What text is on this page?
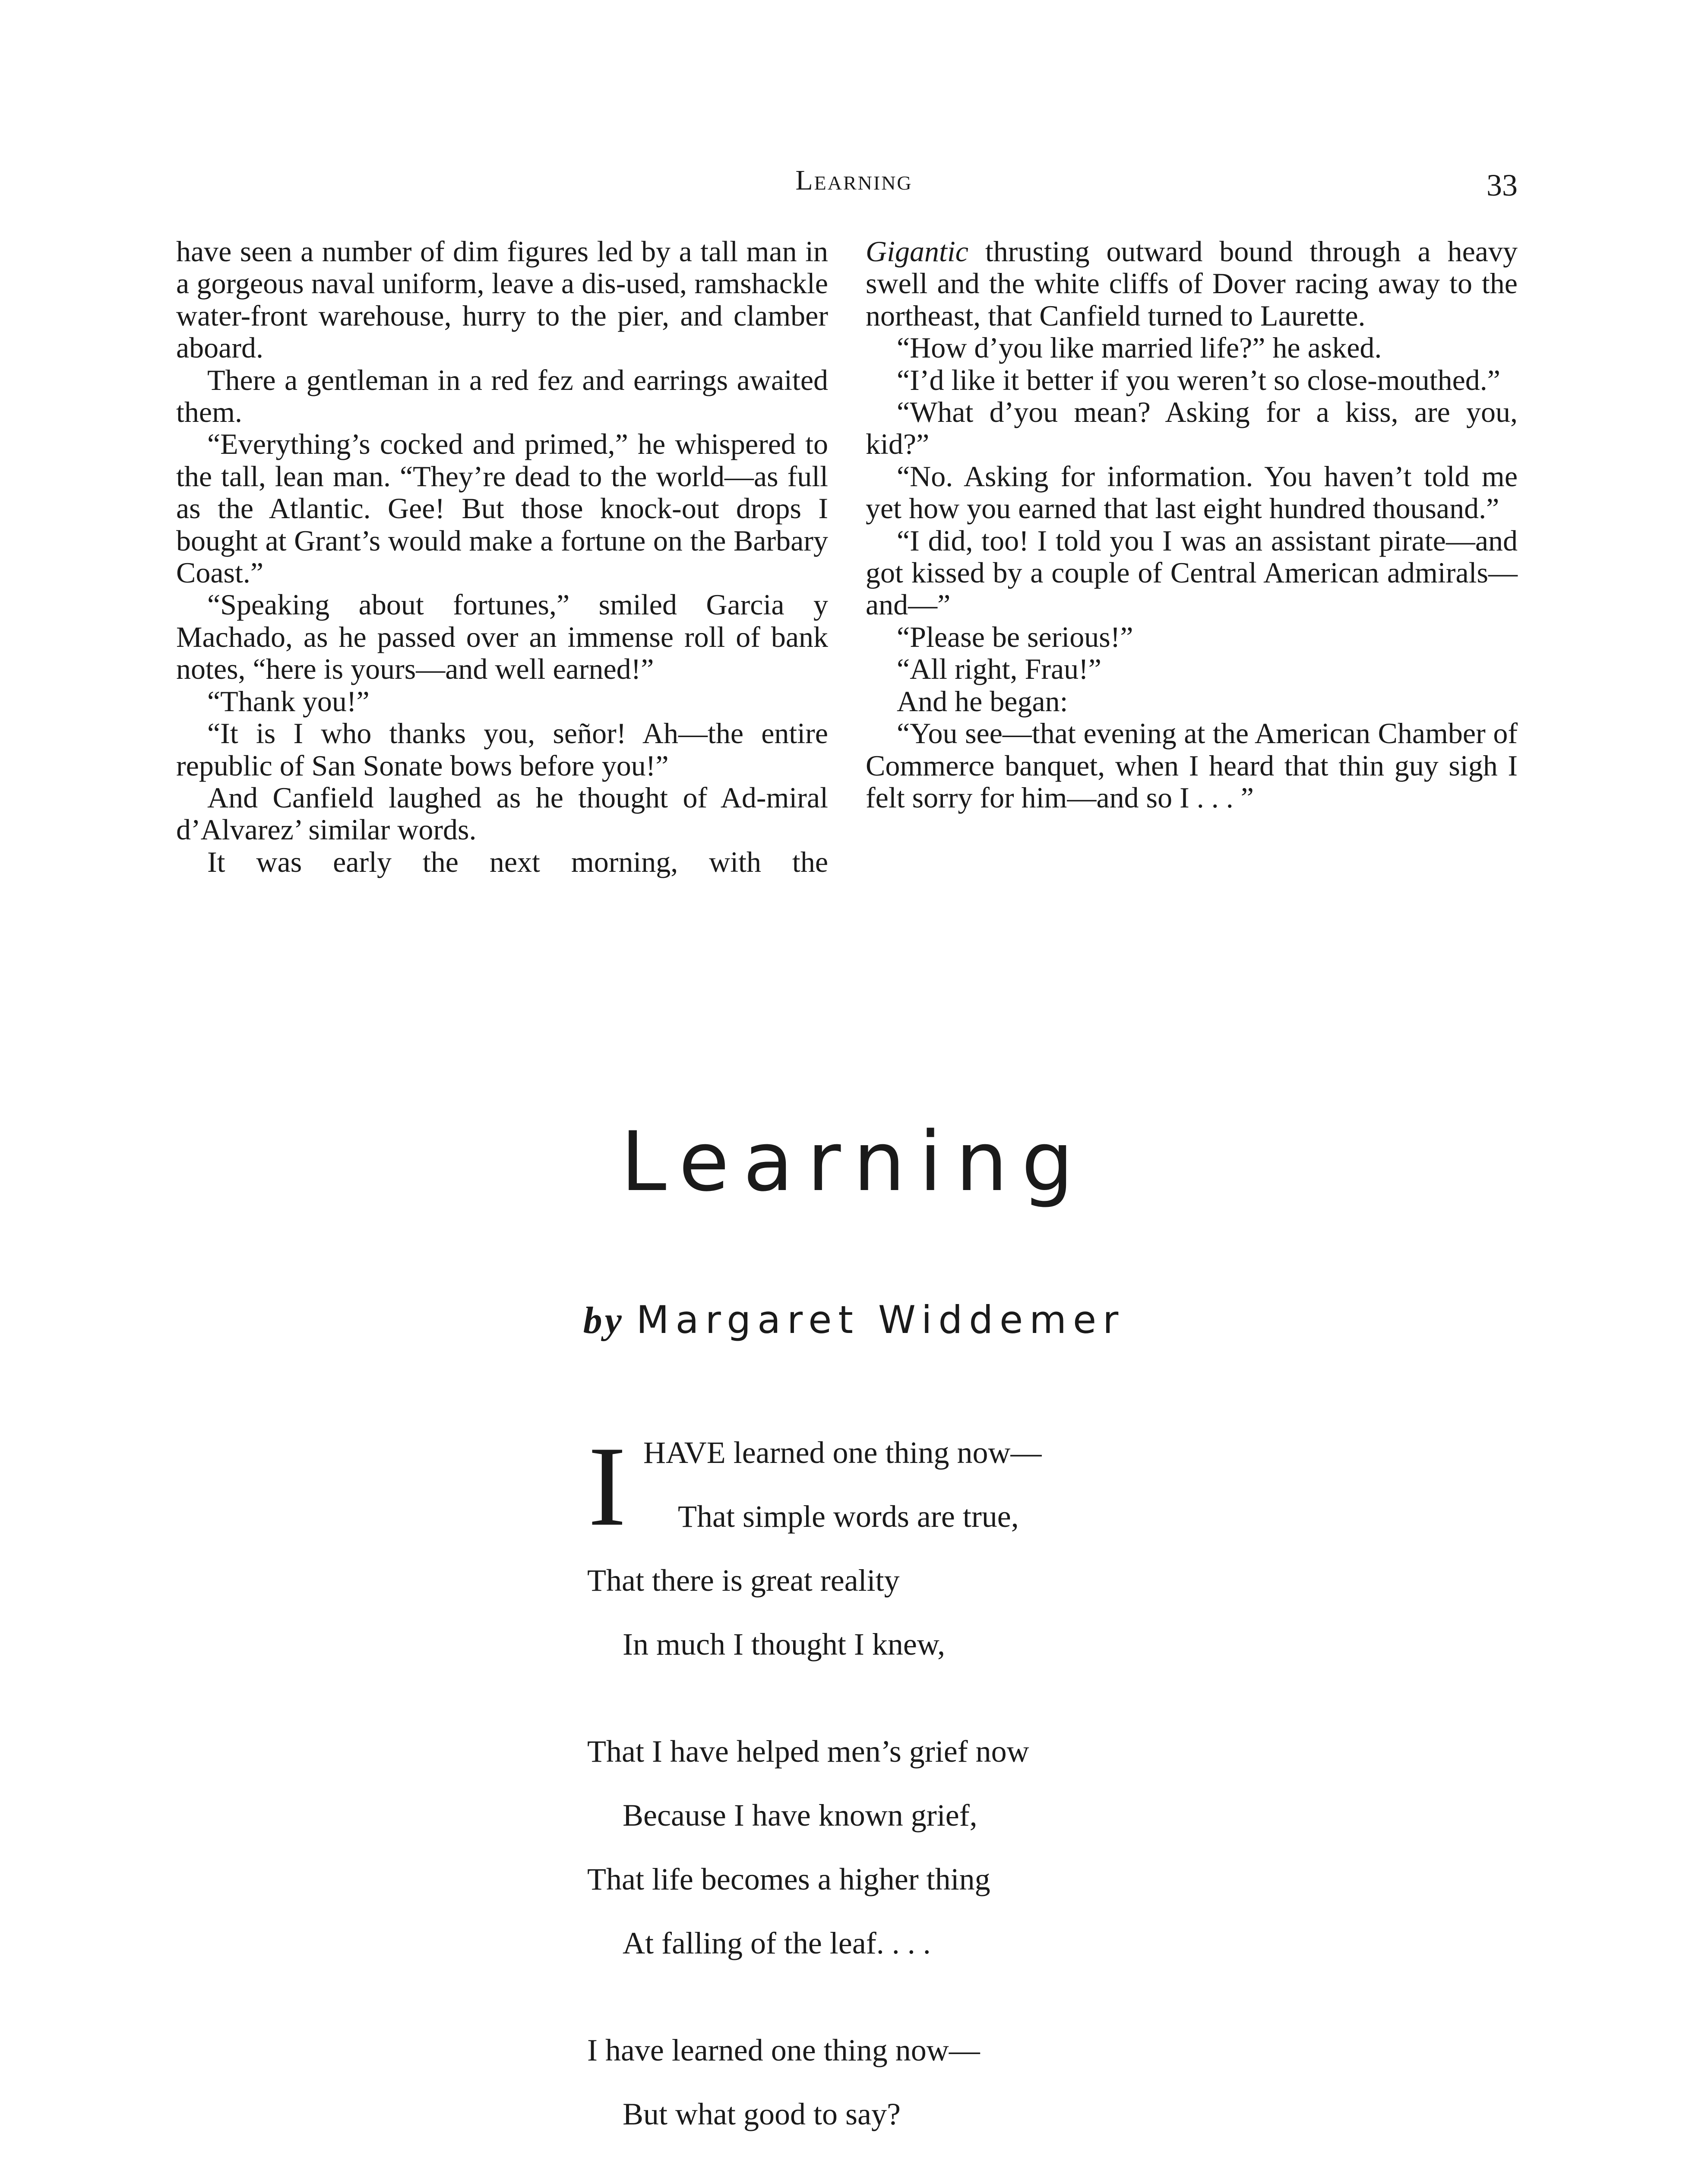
Learning	33

have seen a number of dim figures led by a tall man in a gorgeous naval uniform, leave a dis-used, ramshackle water-front warehouse, hurry to the pier, and clamber aboard.

There a gentleman in a red fez and earrings awaited them.

“Everything’s cocked and primed,” he whispered to the tall, lean man. “They’re dead to the world—as full as the Atlantic. Gee! But those knock-out drops I bought at Grant’s would make a fortune on the Barbary Coast.”

“Speaking about fortunes,” smiled Garcia y Machado, as he passed over an immense roll of bank notes, “here is yours—and well earned!”

“Thank you!”

“It is I who thanks you, señor! Ah—the entire republic of San Sonate bows before you!”

And Canfield laughed as he thought of Ad-miral d’Alvarez’ similar words.

It was early the next morning, with the

Gigantic thrusting outward bound through a heavy swell and the white cliffs of Dover racing away to the northeast, that Canfield turned to Laurette.

“How d’you like married life?” he asked.

“I’d like it better if you weren’t so close-mouthed.”

“What d’you mean? Asking for a kiss, are you, kid?”

“No. Asking for information. You haven’t told me yet how you earned that last eight hundred thousand.”

“I did, too! I told you I was an assistant pirate—and got kissed by a couple of Central American admirals—and—”

“Please be serious!”

“All right, Frau!”

And he began:

“You see—that evening at the American Chamber of Commerce banquet, when I heard that thin guy sigh I felt sorry for him—and so I . . . ”

Learning
by Margaret Widdemer
I HAVE learned one thing now—
That simple words are true,
That there is great reality
In much I thought I knew,
That I have helped men’s grief now
Because I have known grief,
That life becomes a higher thing
At falling of the leaf. . . .
I have learned one thing now—
But what good to say?
